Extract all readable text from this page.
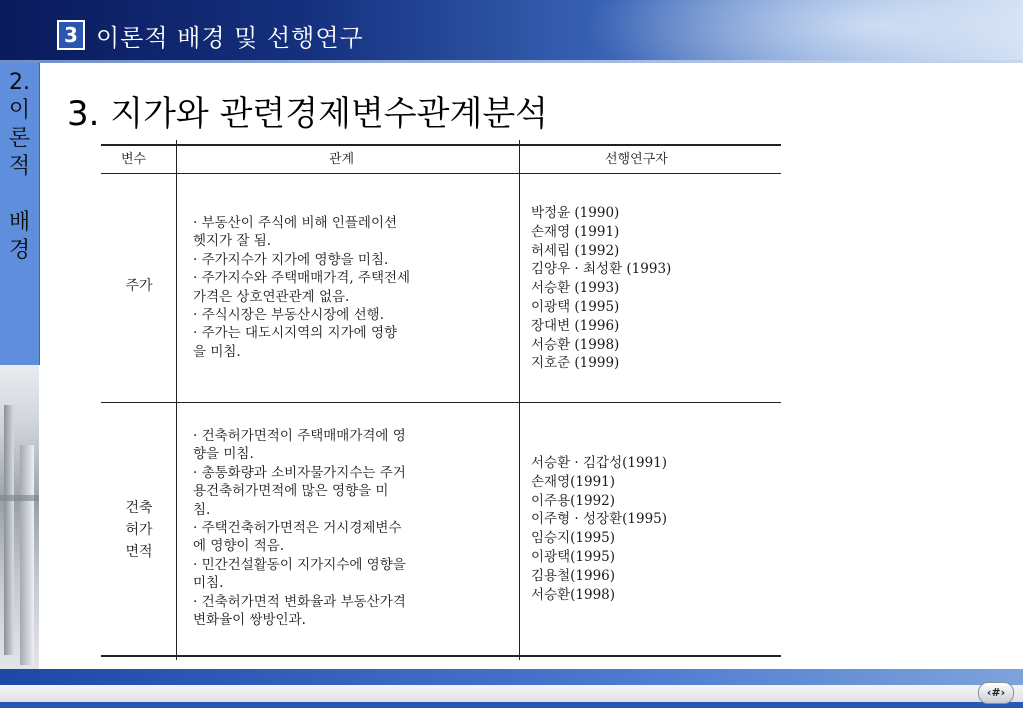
3 이론적 배경 및 선행연구
2.
이
론
적

배
경
3. 지가와 관련경제변수관계분석
변수	관계	선행연구자
주가
· 부동산이 주식에 비해 인플레이션
헷지가 잘 됨.
· 주가지수가 지가에 영향을 미침.
· 주가지수와 주택매매가격, 주택전세
가격은 상호연관관계 없음.
· 주식시장은 부동산시장에 선행.
· 주가는 대도시지역의 지가에 영향
을 미침.
박정윤 (1990)
손재영 (1991)
허세림 (1992)
김양우 · 최성환 (1993)
서승환 (1993)
이광택 (1995)
장대변 (1996)
서승환 (1998)
지호준 (1999)
건축
허가
면적
· 건축허가면적이 주택매매가격에 영
향을 미침.
· 총통화량과 소비자물가지수는 주거
용건축허가면적에 많은 영향을 미
침.
· 주택건축허가면적은 거시경제변수
에 영향이 적음.
· 민간건설활동이 지가지수에 영향을
미침.
· 건축허가면적 변화율과 부동산가격
변화율이 쌍방인과.
서승환 · 김갑성(1991)
손재영(1991)
이주용(1992)
이주형 · 성장환(1995)
임승지(1995)
이광택(1995)
김용철(1996)
서승환(1998)
‹#›
